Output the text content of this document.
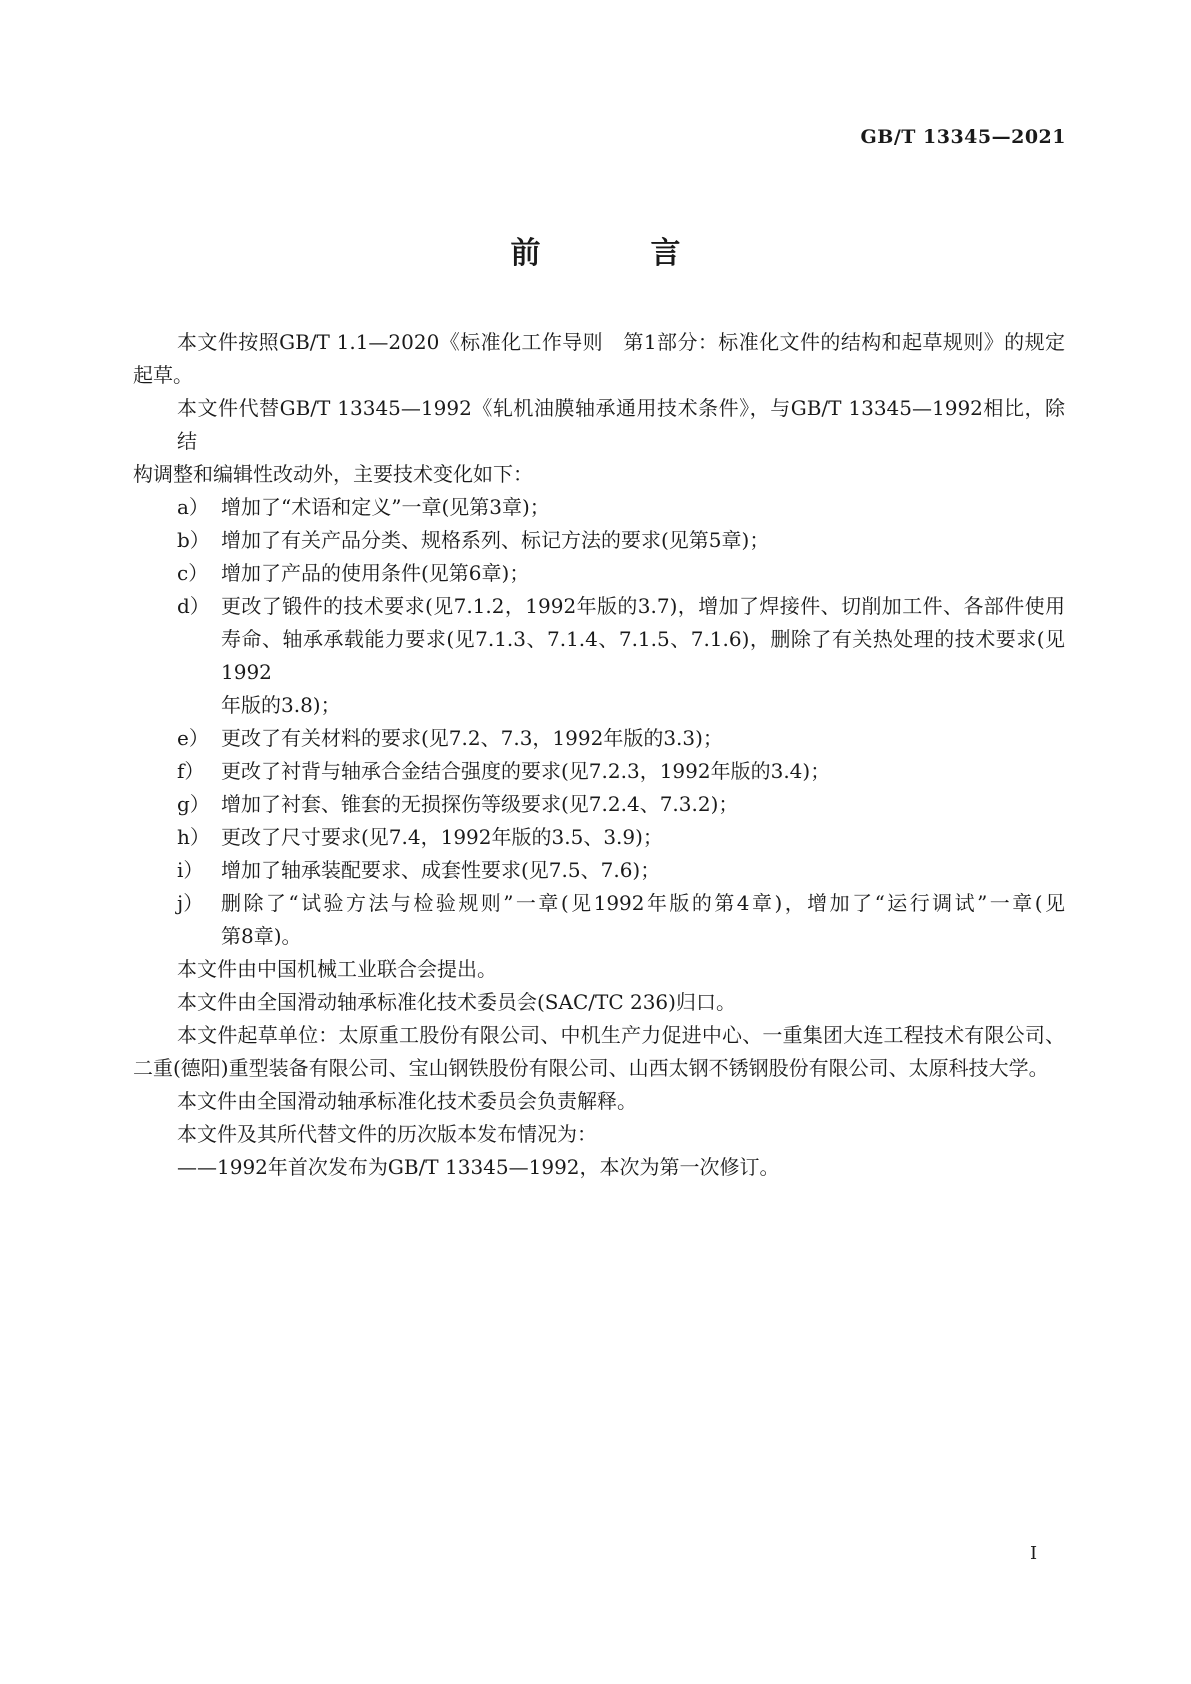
GB/T 13345—2021
前　言
本文件按照GB/T 1.1—2020《标准化工作导则　第1部分：标准化文件的结构和起草规则》的规定
起草。
本文件代替GB/T 13345—1992《轧机油膜轴承通用技术条件》，与GB/T 13345—1992相比，除结
构调整和编辑性改动外，主要技术变化如下：
a） 增加了“术语和定义”一章(见第3章)；
b） 增加了有关产品分类、规格系列、标记方法的要求(见第5章)；
c） 增加了产品的使用条件(见第6章)；
d） 更改了锻件的技术要求(见7.1.2，1992年版的3.7)，增加了焊接件、切削加工件、各部件使用
寿命、轴承承载能力要求(见7.1.3、7.1.4、7.1.5、7.1.6)，删除了有关热处理的技术要求(见1992
年版的3.8)；
e） 更改了有关材料的要求(见7.2、7.3，1992年版的3.3)；
f） 更改了衬背与轴承合金结合强度的要求(见7.2.3，1992年版的3.4)；
g） 增加了衬套、锥套的无损探伤等级要求(见7.2.4、7.3.2)；
h） 更改了尺寸要求(见7.4，1992年版的3.5、3.9)；
i） 增加了轴承装配要求、成套性要求(见7.5、7.6)；
j） 删除了“试验方法与检验规则”一章(见1992年版的第4章)，增加了“运行调试”一章(见
第8章)。
本文件由中国机械工业联合会提出。
本文件由全国滑动轴承标准化技术委员会(SAC/TC 236)归口。
本文件起草单位：太原重工股份有限公司、中机生产力促进中心、一重集团大连工程技术有限公司、
二重(德阳)重型装备有限公司、宝山钢铁股份有限公司、山西太钢不锈钢股份有限公司、太原科技大学。
本文件由全国滑动轴承标准化技术委员会负责解释。
本文件及其所代替文件的历次版本发布情况为：
——1992年首次发布为GB/T 13345—1992，本次为第一次修订。
I
